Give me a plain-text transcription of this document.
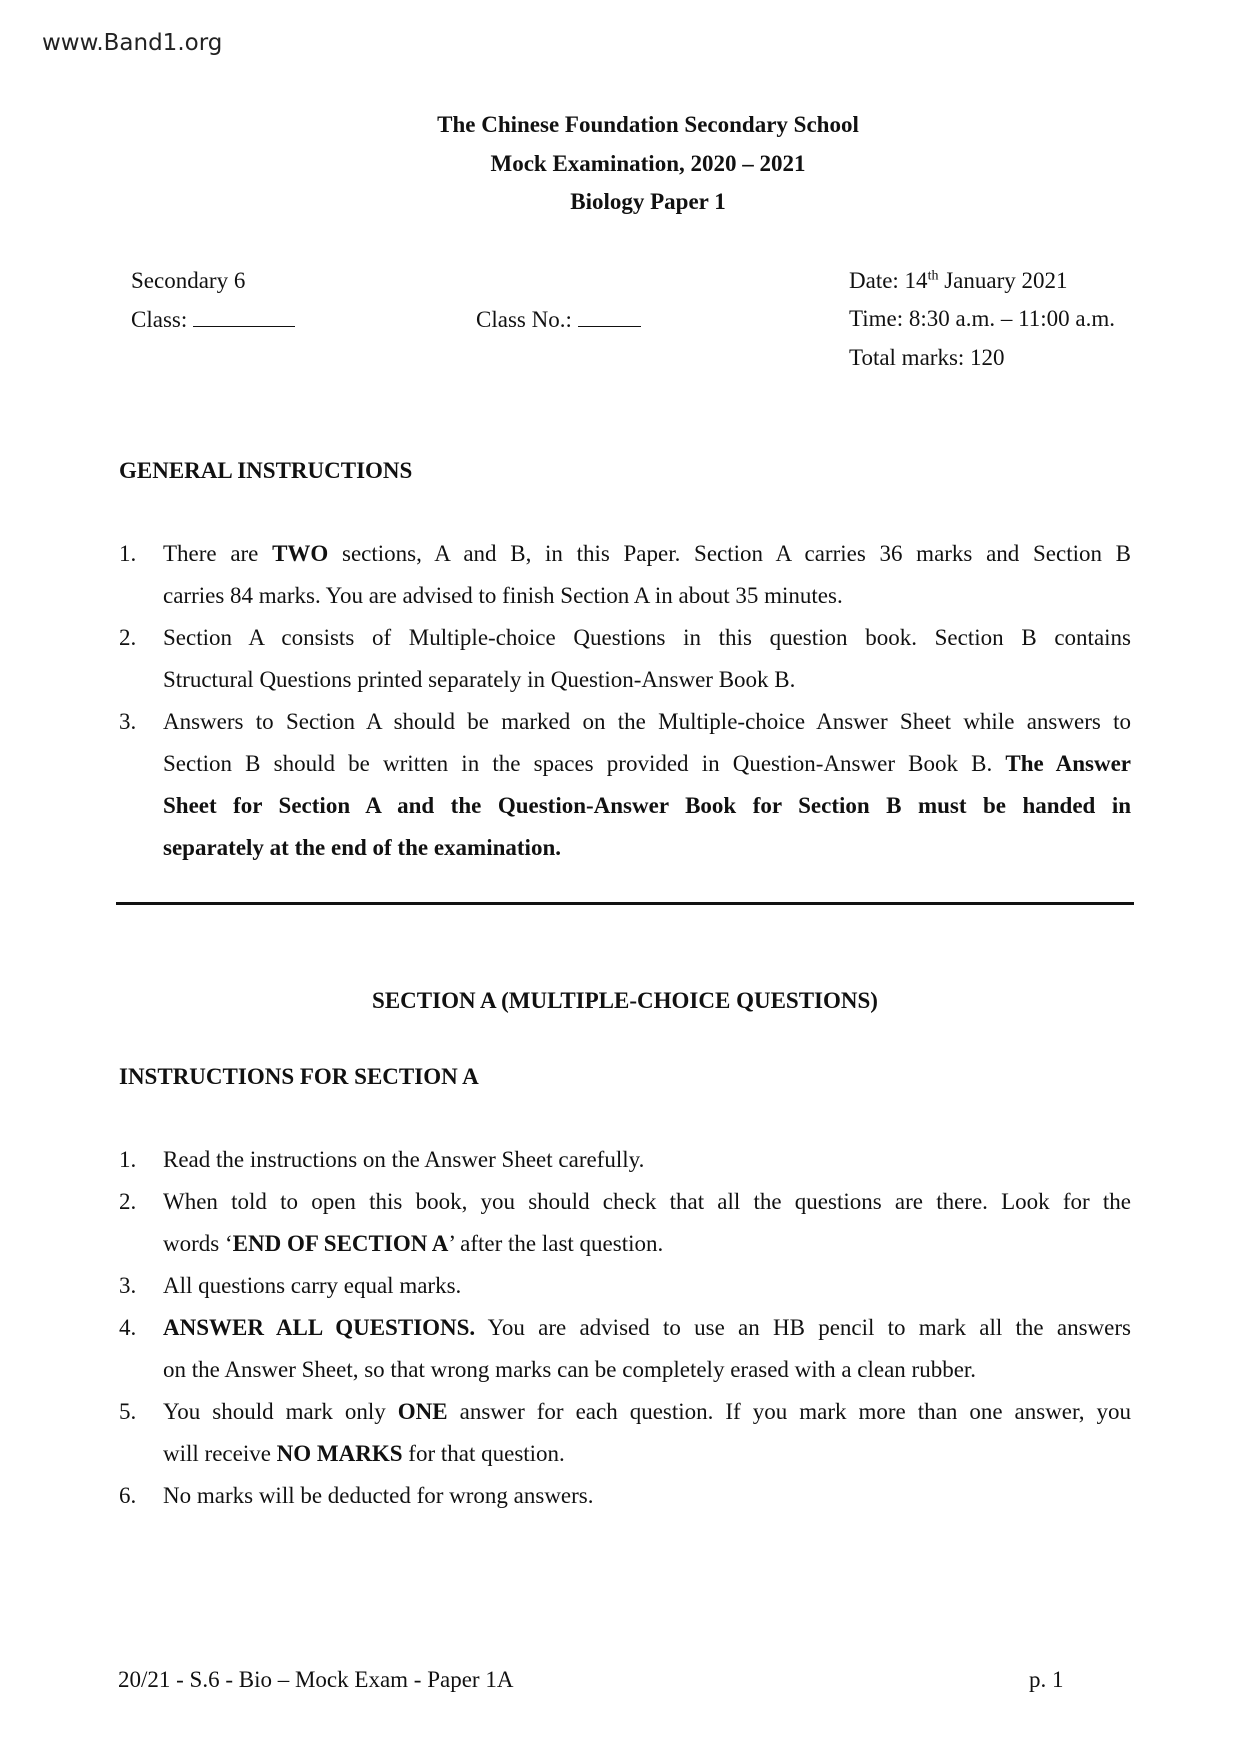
www.Band1.org
The Chinese Foundation Secondary School
Mock Examination, 2020 – 2021
Biology Paper 1
Secondary 6
Class:	Class No.:
Date: 14th January 2021
Time: 8:30 a.m. – 11:00 a.m.
Total marks: 120
GENERAL INSTRUCTIONS
1. There are TWO sections, A and B, in this Paper. Section A carries 36 marks and Section B
carries 84 marks. You are advised to finish Section A in about 35 minutes.
2. Section A consists of Multiple-choice Questions in this question book. Section B contains
Structural Questions printed separately in Question-Answer Book B.
3. Answers to Section A should be marked on the Multiple-choice Answer Sheet while answers to
Section B should be written in the spaces provided in Question-Answer Book B. The Answer
Sheet for Section A and the Question-Answer Book for Section B must be handed in
separately at the end of the examination.
SECTION A (MULTIPLE-CHOICE QUESTIONS)
INSTRUCTIONS FOR SECTION A
1. Read the instructions on the Answer Sheet carefully.
2. When told to open this book, you should check that all the questions are there. Look for the
words ‘END OF SECTION A’ after the last question.
3. All questions carry equal marks.
4. ANSWER ALL QUESTIONS. You are advised to use an HB pencil to mark all the answers
on the Answer Sheet, so that wrong marks can be completely erased with a clean rubber.
5. You should mark only ONE answer for each question. If you mark more than one answer, you
will receive NO MARKS for that question.
6. No marks will be deducted for wrong answers.
20/21 - S.6 - Bio – Mock Exam - Paper 1A	p. 1
